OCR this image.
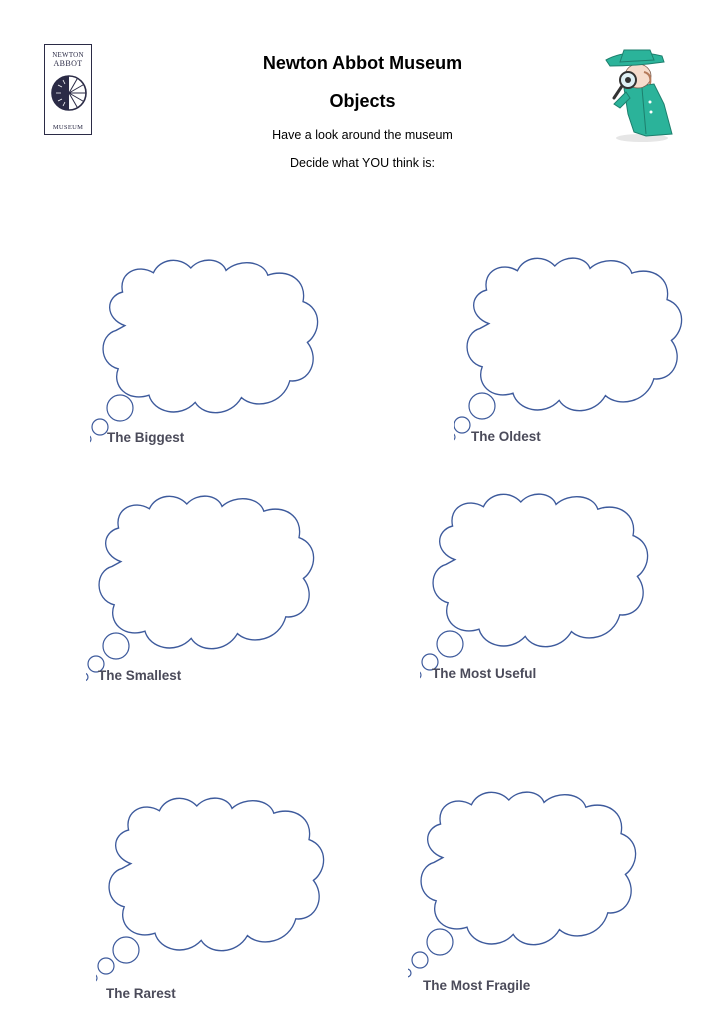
NEWTON
ABBOT
MUSEUM
Newton Abbot Museum
Objects
Have a look around the museum
Decide what YOU think is:
The Biggest	The Oldest
The Smallest	The Most Useful
The Rarest
The Most Fragile
